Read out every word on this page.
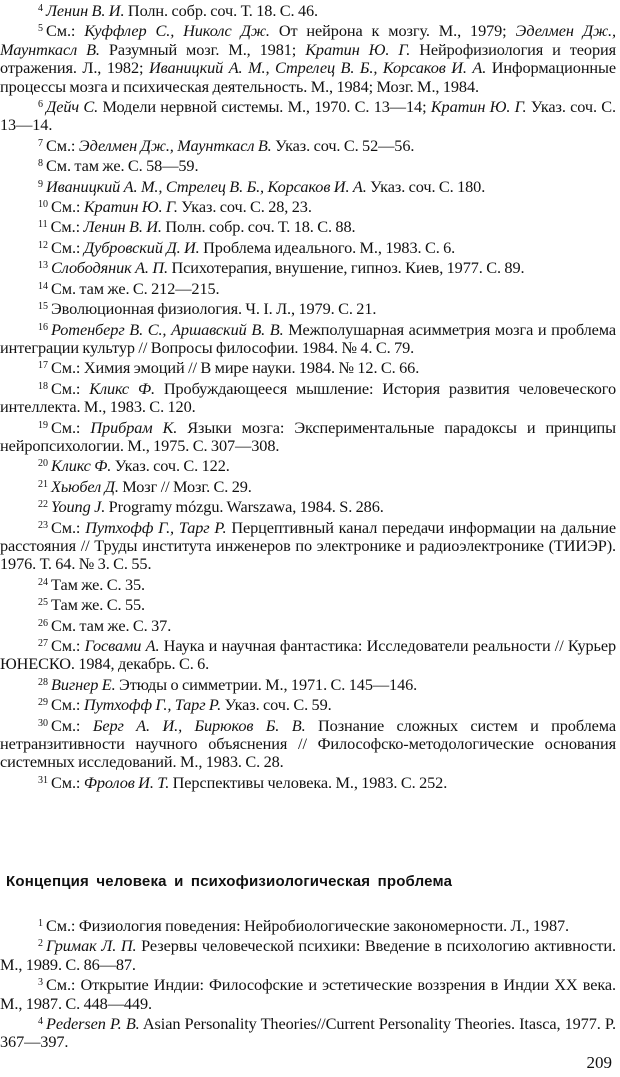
$^4$ Ленин В. И. Полн. собр. соч. Т. 18. С. 46.

$^5$ См.: Куффлер С., Николс Дж. От нейрона к мозгу. М., 1979; Эделмен Дж., Маунткасл В. Разумный мозг. М., 1981; Кратин Ю. Г. Нейрофизиология и теория отражения. Л., 1982; Иваницкий А. М., Стрелец В. Б., Корсаков И. А. Информационные процессы мозга и психическая деятельность. М., 1984; Мозг. М., 1984.

$^6$ Дейч С. Модели нервной системы. М., 1970. С. 13—14; Кратин Ю. Г. Указ. соч. С. 13—14.

$^7$ См.: Эделмен Дж., Маунткасл В. Указ. соч. С. 52—56.

$^8$ См. там же. С. 58—59.

$^9$ Иваницкий А. М., Стрелец В. Б., Корсаков И. А. Указ. соч. С. 180.

$^{10}$ См.: Кратин Ю. Г. Указ. соч. С. 28, 23.

$^{11}$ См.: Ленин В. И. Полн. собр. соч. Т. 18. С. 88.

$^{12}$ См.: Дубровский Д. И. Проблема идеального. М., 1983. С. 6.

$^{13}$ Слободяник А. П. Психотерапия, внушение, гипноз. Киев, 1977. С. 89.

$^{14}$ См. там же. С. 212—215.

$^{15}$ Эволюционная физиология. Ч. I. Л., 1979. С. 21.

$^{16}$ Ротенберг В. С., Аршавский В. В. Межполушарная асимметрия мозга и проблема интеграции культур // Вопросы философии. 1984. № 4. С. 79.

$^{17}$ См.: Химия эмоций // В мире науки. 1984. № 12. С. 66.

$^{18}$ См.: Кликс Ф. Пробуждающееся мышление: История развития человеческого интеллекта. М., 1983. С. 120.

$^{19}$ См.: Прибрам К. Языки мозга: Экспериментальные парадоксы и принципы нейропсихологии. М., 1975. С. 307—308.

$^{20}$ Кликс Ф. Указ. соч. С. 122.

$^{21}$ Хьюбел Д. Мозг // Мозг. С. 29.

$^{22}$ Young J. Programy mózgu. Warszawa, 1984. S. 286.

$^{23}$ См.: Путхофф Г., Тарг Р. Перцептивный канал передачи информации на дальние расстояния // Труды института инженеров по электронике и радиоэлектронике (ТИИЭР). 1976. Т. 64. № 3. С. 55.

$^{24}$ Там же. С. 35.

$^{25}$ Там же. С. 55.

$^{26}$ См. там же. С. 37.

$^{27}$ См.: Госвами А. Наука и научная фантастика: Исследователи реальности // Курьер ЮНЕСКО. 1984, декабрь. С. 6.

$^{28}$ Вигнер Е. Этюды о симметрии. М., 1971. С. 145—146.

$^{29}$ См.: Путхофф Г., Тарг Р. Указ. соч. С. 59.

$^{30}$ См.: Берг А. И., Бирюков Б. В. Познание сложных систем и проблема нетранзитивности научного объяснения // Философско-методологические основания системных исследований. М., 1983. С. 28.

$^{31}$ См.: Фролов И. Т. Перспективы человека. М., 1983. С. 252.

Концепция человека и психофизиологическая проблема

$^1$ См.: Физиология поведения: Нейробиологические закономерности. Л., 1987.

$^2$ Гримак Л. П. Резервы человеческой психики: Введение в психологию активности. М., 1989. С. 86—87.

$^3$ См.: Открытие Индии: Философские и эстетические воззрения в Индии XX века. М., 1987. С. 448—449.

$^4$ Pedersen P. B. Asian Personality Theories//Current Personality Theories. Itasca, 1977. P. 367—397.

209
